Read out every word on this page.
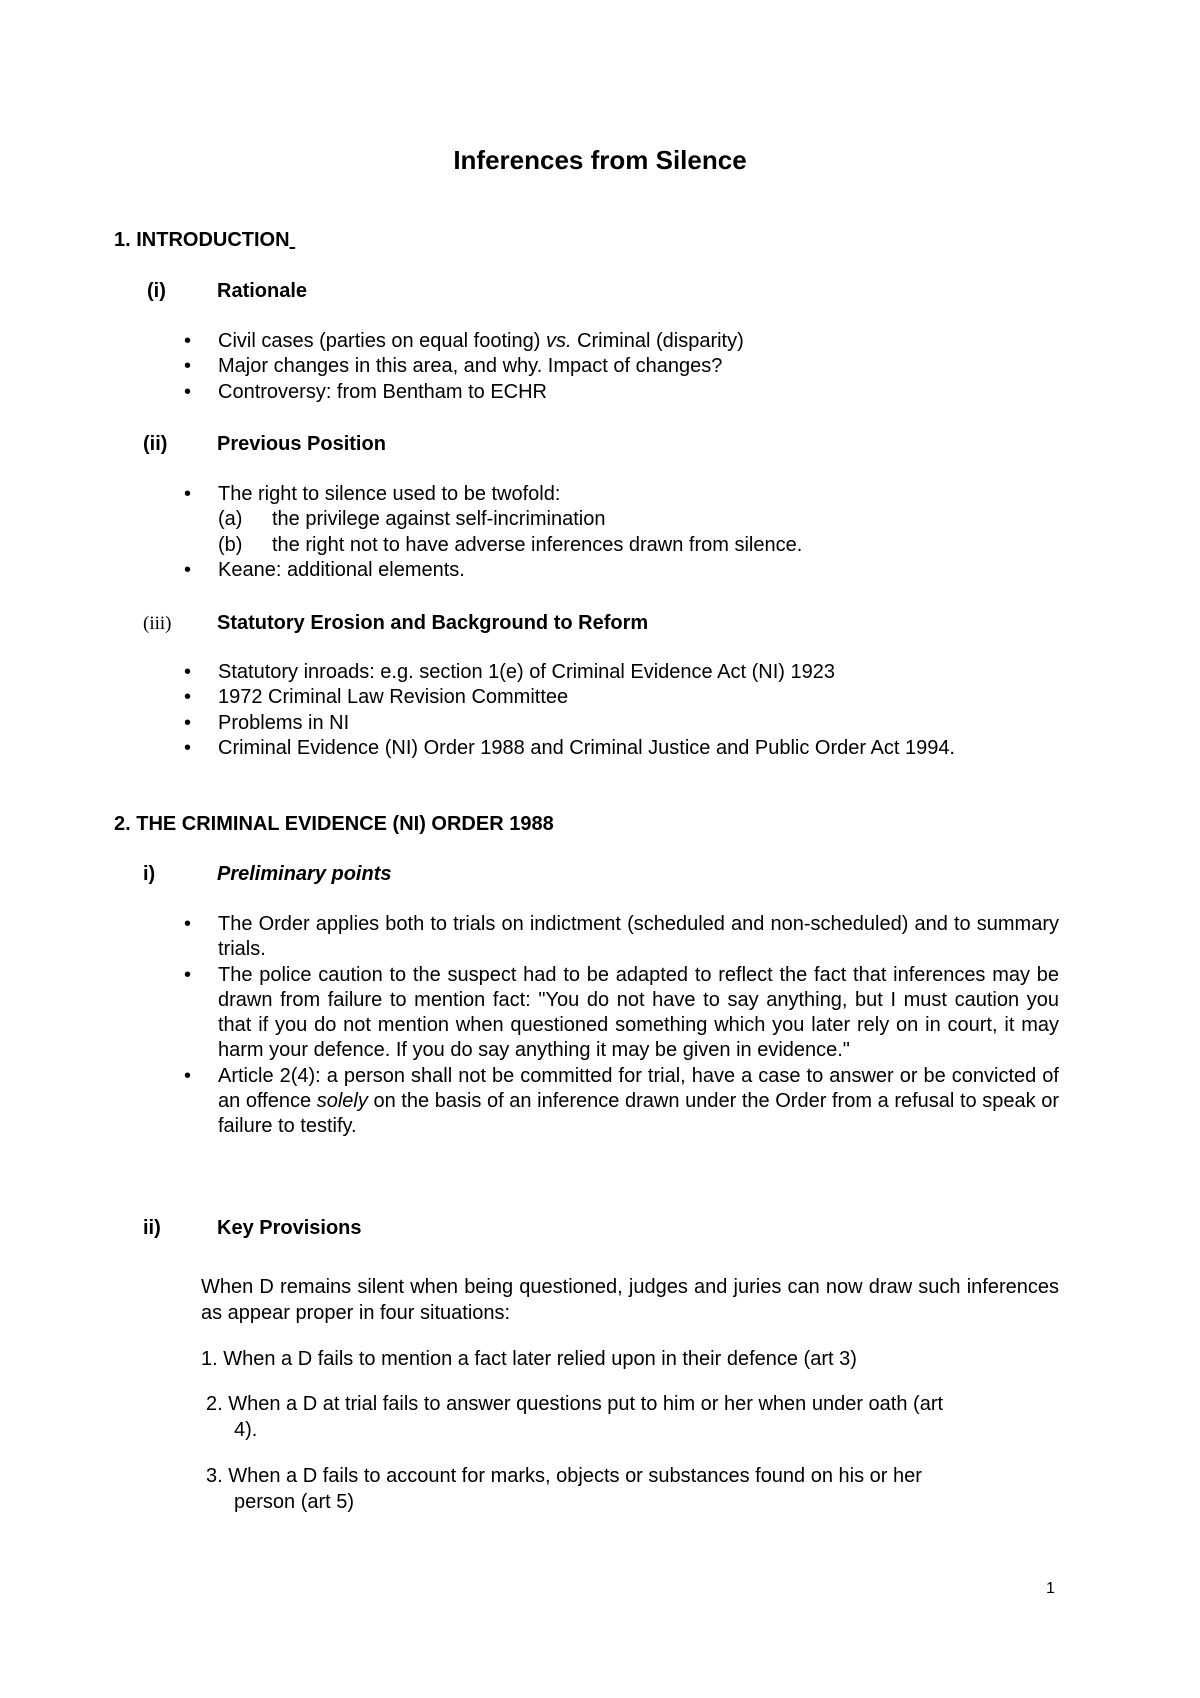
Inferences from Silence
1. INTRODUCTION
(i)	Rationale
• Civil cases (parties on equal footing) vs. Criminal (disparity)
• Major changes in this area, and why. Impact of changes?
• Controversy: from Bentham to ECHR
(ii) Previous Position
• The right to silence used to be twofold:
(a) the privilege against self-incrimination
(b) the right not to have adverse inferences drawn from silence.
• Keane: additional elements.
(iii) Statutory Erosion and Background to Reform
• Statutory inroads: e.g. section 1(e) of Criminal Evidence Act (NI) 1923
• 1972 Criminal Law Revision Committee
• Problems in NI
• Criminal Evidence (NI) Order 1988 and Criminal Justice and Public Order Act 1994.
2. THE CRIMINAL EVIDENCE (NI) ORDER 1988
i)	Preliminary points
• The Order applies both to trials on indictment (scheduled and non-scheduled) and to summary trials.
• The police caution to the suspect had to be adapted to reflect the fact that inferences may be drawn from failure to mention fact: "You do not have to say anything, but I must caution you that if you do not mention when questioned something which you later rely on in court, it may harm your defence. If you do say anything it may be given in evidence."
• Article 2(4): a person shall not be committed for trial, have a case to answer or be convicted of an offence solely on the basis of an inference drawn under the Order from a refusal to speak or failure to testify.
ii)	Key Provisions

When D remains silent when being questioned, judges and juries can now draw such inferences as appear proper in four situations:

1. When a D fails to mention a fact later relied upon in their defence (art 3)

2. When a D at trial fails to answer questions put to him or her when under oath (art
4).

3. When a D fails to account for marks, objects or substances found on his or her
person (art 5)

1
